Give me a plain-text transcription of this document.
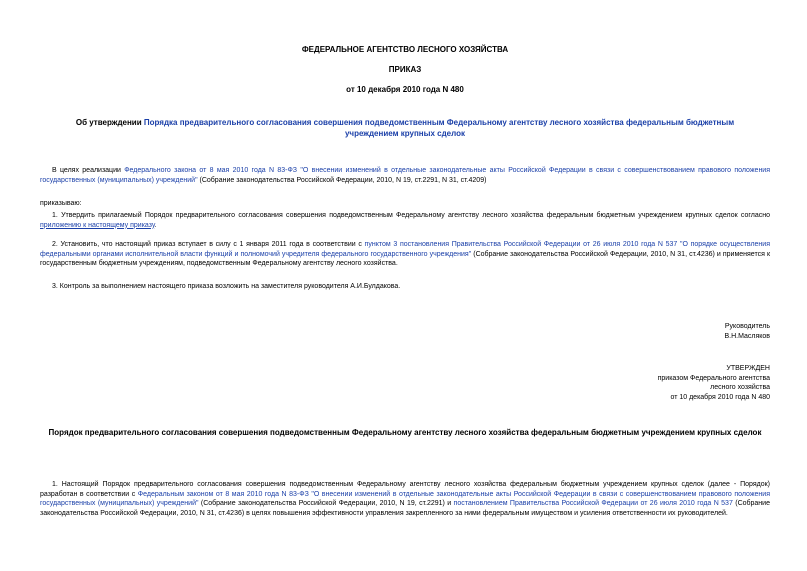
ФЕДЕРАЛЬНОЕ АГЕНТСТВО ЛЕСНОГО ХОЗЯЙСТВА
ПРИКАЗ
от 10 декабря 2010 года N 480
Об утверждении Порядка предварительного согласования совершения подведомственным Федеральному агентству лесного хозяйства федеральным бюджетным учреждением крупных сделок
В целях реализации Федерального закона от 8 мая 2010 года N 83-ФЗ "О внесении изменений в отдельные законодательные акты Российской Федерации в связи с совершенствованием правового положения государственных (муниципальных) учреждений" (Собрание законодательства Российской Федерации, 2010, N 19, ст.2291, N 31, ст.4209)
приказываю:
1. Утвердить прилагаемый Порядок предварительного согласования совершения подведомственным Федеральному агентству лесного хозяйства федеральным бюджетным учреждением крупных сделок согласно приложению к настоящему приказу.
2. Установить, что настоящий приказ вступает в силу с 1 января 2011 года в соответствии с пунктом 3 постановления Правительства Российской Федерации от 26 июля 2010 года N 537 "О порядке осуществления федеральными органами исполнительной власти функций и полномочий учредителя федерального государственного учреждения" (Собрание законодательства Российской Федерации, 2010, N 31, ст.4236) и применяется к государственным бюджетным учреждениям, подведомственным Федеральному агентству лесного хозяйства.
3. Контроль за выполнением настоящего приказа возложить на заместителя руководителя А.И.Булдакова.
Руководитель
В.Н.Масляков
УТВЕРЖДЕН
приказом Федерального агентства
лесного хозяйства
от 10 декабря 2010 года N 480
Порядок предварительного согласования совершения подведомственным Федеральному агентству лесного хозяйства федеральным бюджетным учреждением крупных сделок
1. Настоящий Порядок предварительного согласования совершения подведомственным Федеральному агентству лесного хозяйства федеральным бюджетным учреждением крупных сделок (далее - Порядок) разработан в соответствии с Федеральным законом от 8 мая 2010 года N 83-ФЗ "О внесении изменений в отдельные законодательные акты Российской Федерации в связи с совершенствованием правового положения государственных (муниципальных) учреждений" (Собрание законодательства Российской Федерации, 2010, N 19, ст.2291) и постановлением Правительства Российской Федерации от 26 июля 2010 года N 537 (Собрание законодательства Российской Федерации, 2010, N 31, ст.4236) в целях повышения эффективности управления закрепленного за ними федеральным имуществом и усиления ответственности их руководителей.
